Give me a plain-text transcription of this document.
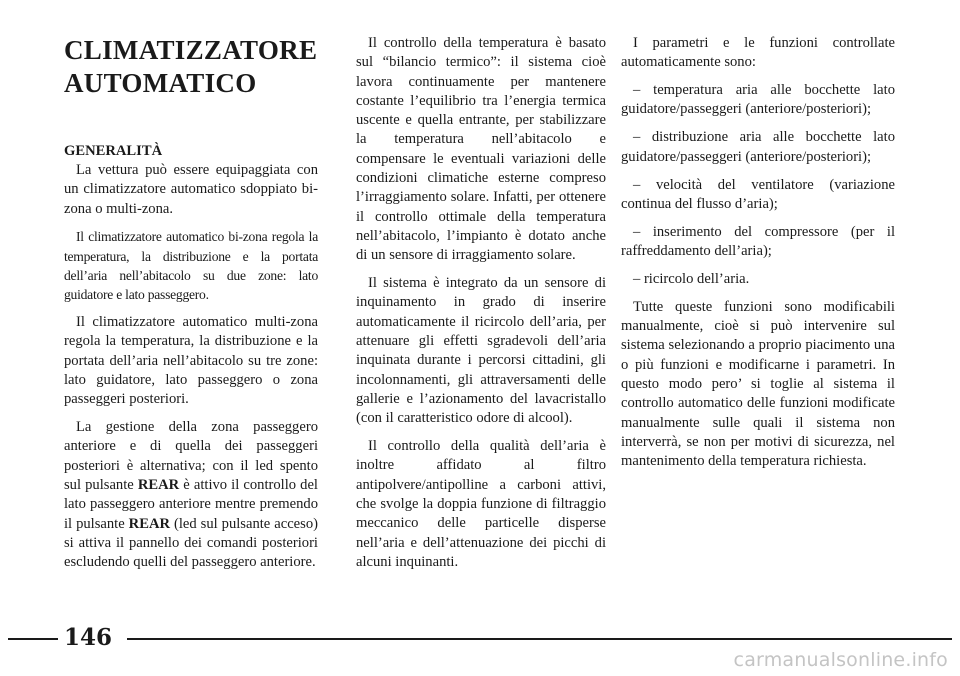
CLIMATIZZATORE
AUTOMATICO
GENERALITÀ

La vettura può essere equipaggiata con un climatizzatore automatico sdoppiato bi-zona o multi-zona.

Il climatizzatore automatico bi-zona regola la temperatura, la distribuzione e la portata dell’aria nell’abitacolo su due zone: lato guidatore e lato passeggero.

Il climatizzatore automatico multi-zona regola la temperatura, la distribuzione e la portata dell’aria nell’abitacolo su tre zone: lato guidatore, lato passeggero o zona passeggeri posteriori.

La gestione della zona passeggero anteriore e di quella dei passeggeri posteriori è alternativa; con il led spento sul pulsante REAR è attivo il controllo del lato passeggero anteriore mentre premendo il pulsante REAR (led sul pulsante acceso) si attiva il pannello dei comandi posteriori escludendo quelli del passeggero anteriore.

Il controllo della temperatura è basato sul “bilancio termico”: il sistema cioè lavora continuamente per mantenere costante l’equilibrio tra l’energia termica uscente e quella entrante, per stabilizzare la temperatura nell’abitacolo e compensare le eventuali variazioni delle condizioni climatiche esterne compreso l’irraggiamento solare. Infatti, per ottenere il controllo ottimale della temperatura nell’abitacolo, l’impianto è dotato anche di un sensore di irraggiamento solare.

Il sistema è integrato da un sensore di inquinamento in grado di inserire automaticamente il ricircolo dell’aria, per attenuare gli effetti sgradevoli dell’aria inquinata durante i percorsi cittadini, gli incolonnamenti, gli attraversamenti delle gallerie e l’azionamento del lavacristallo (con il caratteristico odore di alcool).

Il controllo della qualità dell’aria è inoltre affidato al filtro antipolvere/antipolline a carboni attivi, che svolge la doppia funzione di filtraggio meccanico delle particelle disperse nell’aria e dell’attenuazione dei picchi di alcuni inquinanti.

I parametri e le funzioni controllate automaticamente sono:

– temperatura aria alle bocchette lato guidatore/passeggeri (anteriore/posteriori);

– distribuzione aria alle bocchette lato guidatore/passeggeri (anteriore/posteriori);

– velocità del ventilatore (variazione continua del flusso d’aria);

– inserimento del compressore (per il raffreddamento dell’aria);

– ricircolo dell’aria.

Tutte queste funzioni sono modificabili manualmente, cioè si può intervenire sul sistema selezionando a proprio piacimento una o più funzioni e modificarne i parametri. In questo modo pero’ si toglie al sistema il controllo automatico delle funzioni modificate manualmente sulle quali il sistema non interverrà, se non per motivi di sicurezza, nel mantenimento della temperatura richiesta.

146
carmanualsonline.info
